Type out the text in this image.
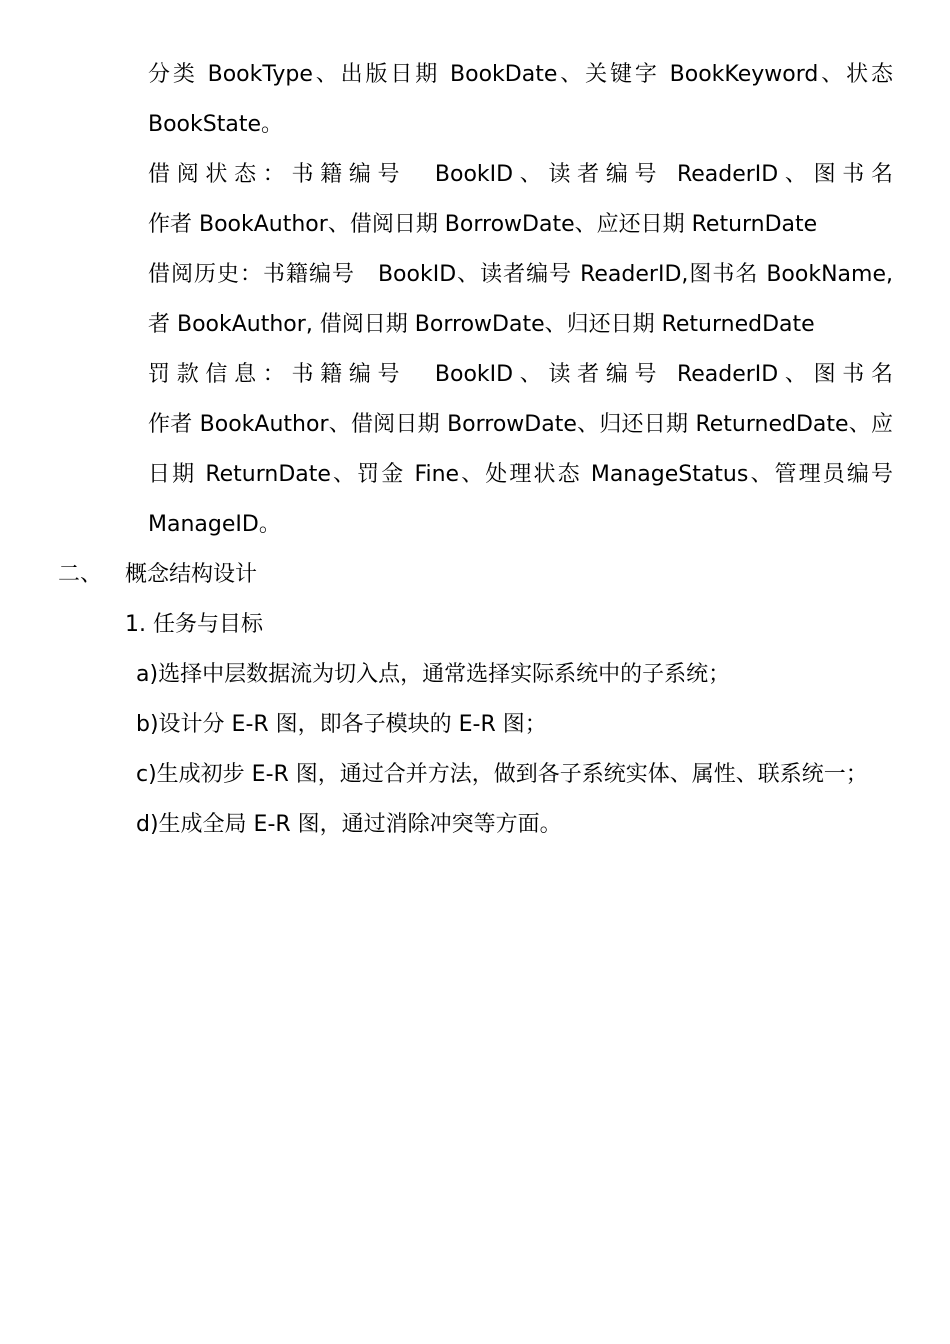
分类 BookType、出版日期 BookDate、关键字 BookKeyword、状态
BookState。
借阅状态：书籍编号　BookID、读者编号 ReaderID、图书名
作者 BookAuthor、借阅日期 BorrowDate、应还日期 ReturnDate
借阅历史：书籍编号　BookID、读者编号 ReaderID,图书名 BookName,
者 BookAuthor, 借阅日期 BorrowDate、归还日期 ReturnedDate
罚款信息：书籍编号　BookID、读者编号 ReaderID、图书名
作者 BookAuthor、借阅日期 BorrowDate、归还日期 ReturnedDate、应
日期 ReturnDate、罚金 Fine、处理状态 ManageStatus、管理员编号
ManageID。
二、 概念结构设计
1. 任务与目标
a)选择中层数据流为切入点，通常选择实际系统中的子系统；
b)设计分 E-R 图，即各子模块的 E-R 图；
c)生成初步 E-R 图，通过合并方法，做到各子系统实体、属性、联系统一；
d)生成全局 E-R 图，通过消除冲突等方面。
